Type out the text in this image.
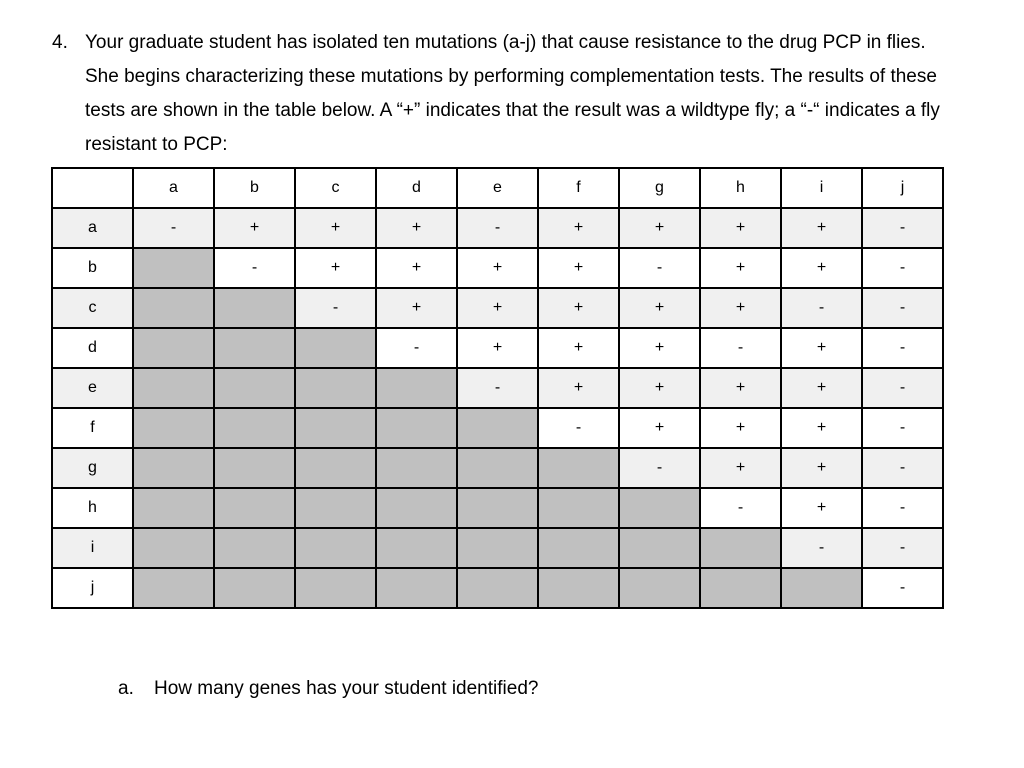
4. Your graduate student has isolated ten mutations (a-j) that cause resistance to the drug PCP in flies. She begins characterizing these mutations by performing complementation tests. The results of these tests are shown in the table below. A “+” indicates that the result was a wildtype fly; a “-“ indicates a fly resistant to PCP:
	a	b	c	d	e	f	g	h	i	j
a	-	+	+	+	-	+	+	+	+	-
b		-	+	+	+	+	-	+	+	-
c			-	+	+	+	+	+	-	-
d				-	+	+	+	-	+	-
e					-	+	+	+	+	-
f						-	+	+	+	-
g							-	+	+	-
h								-	+	-
i									-	-
j										-
a. How many genes has your student identified?
